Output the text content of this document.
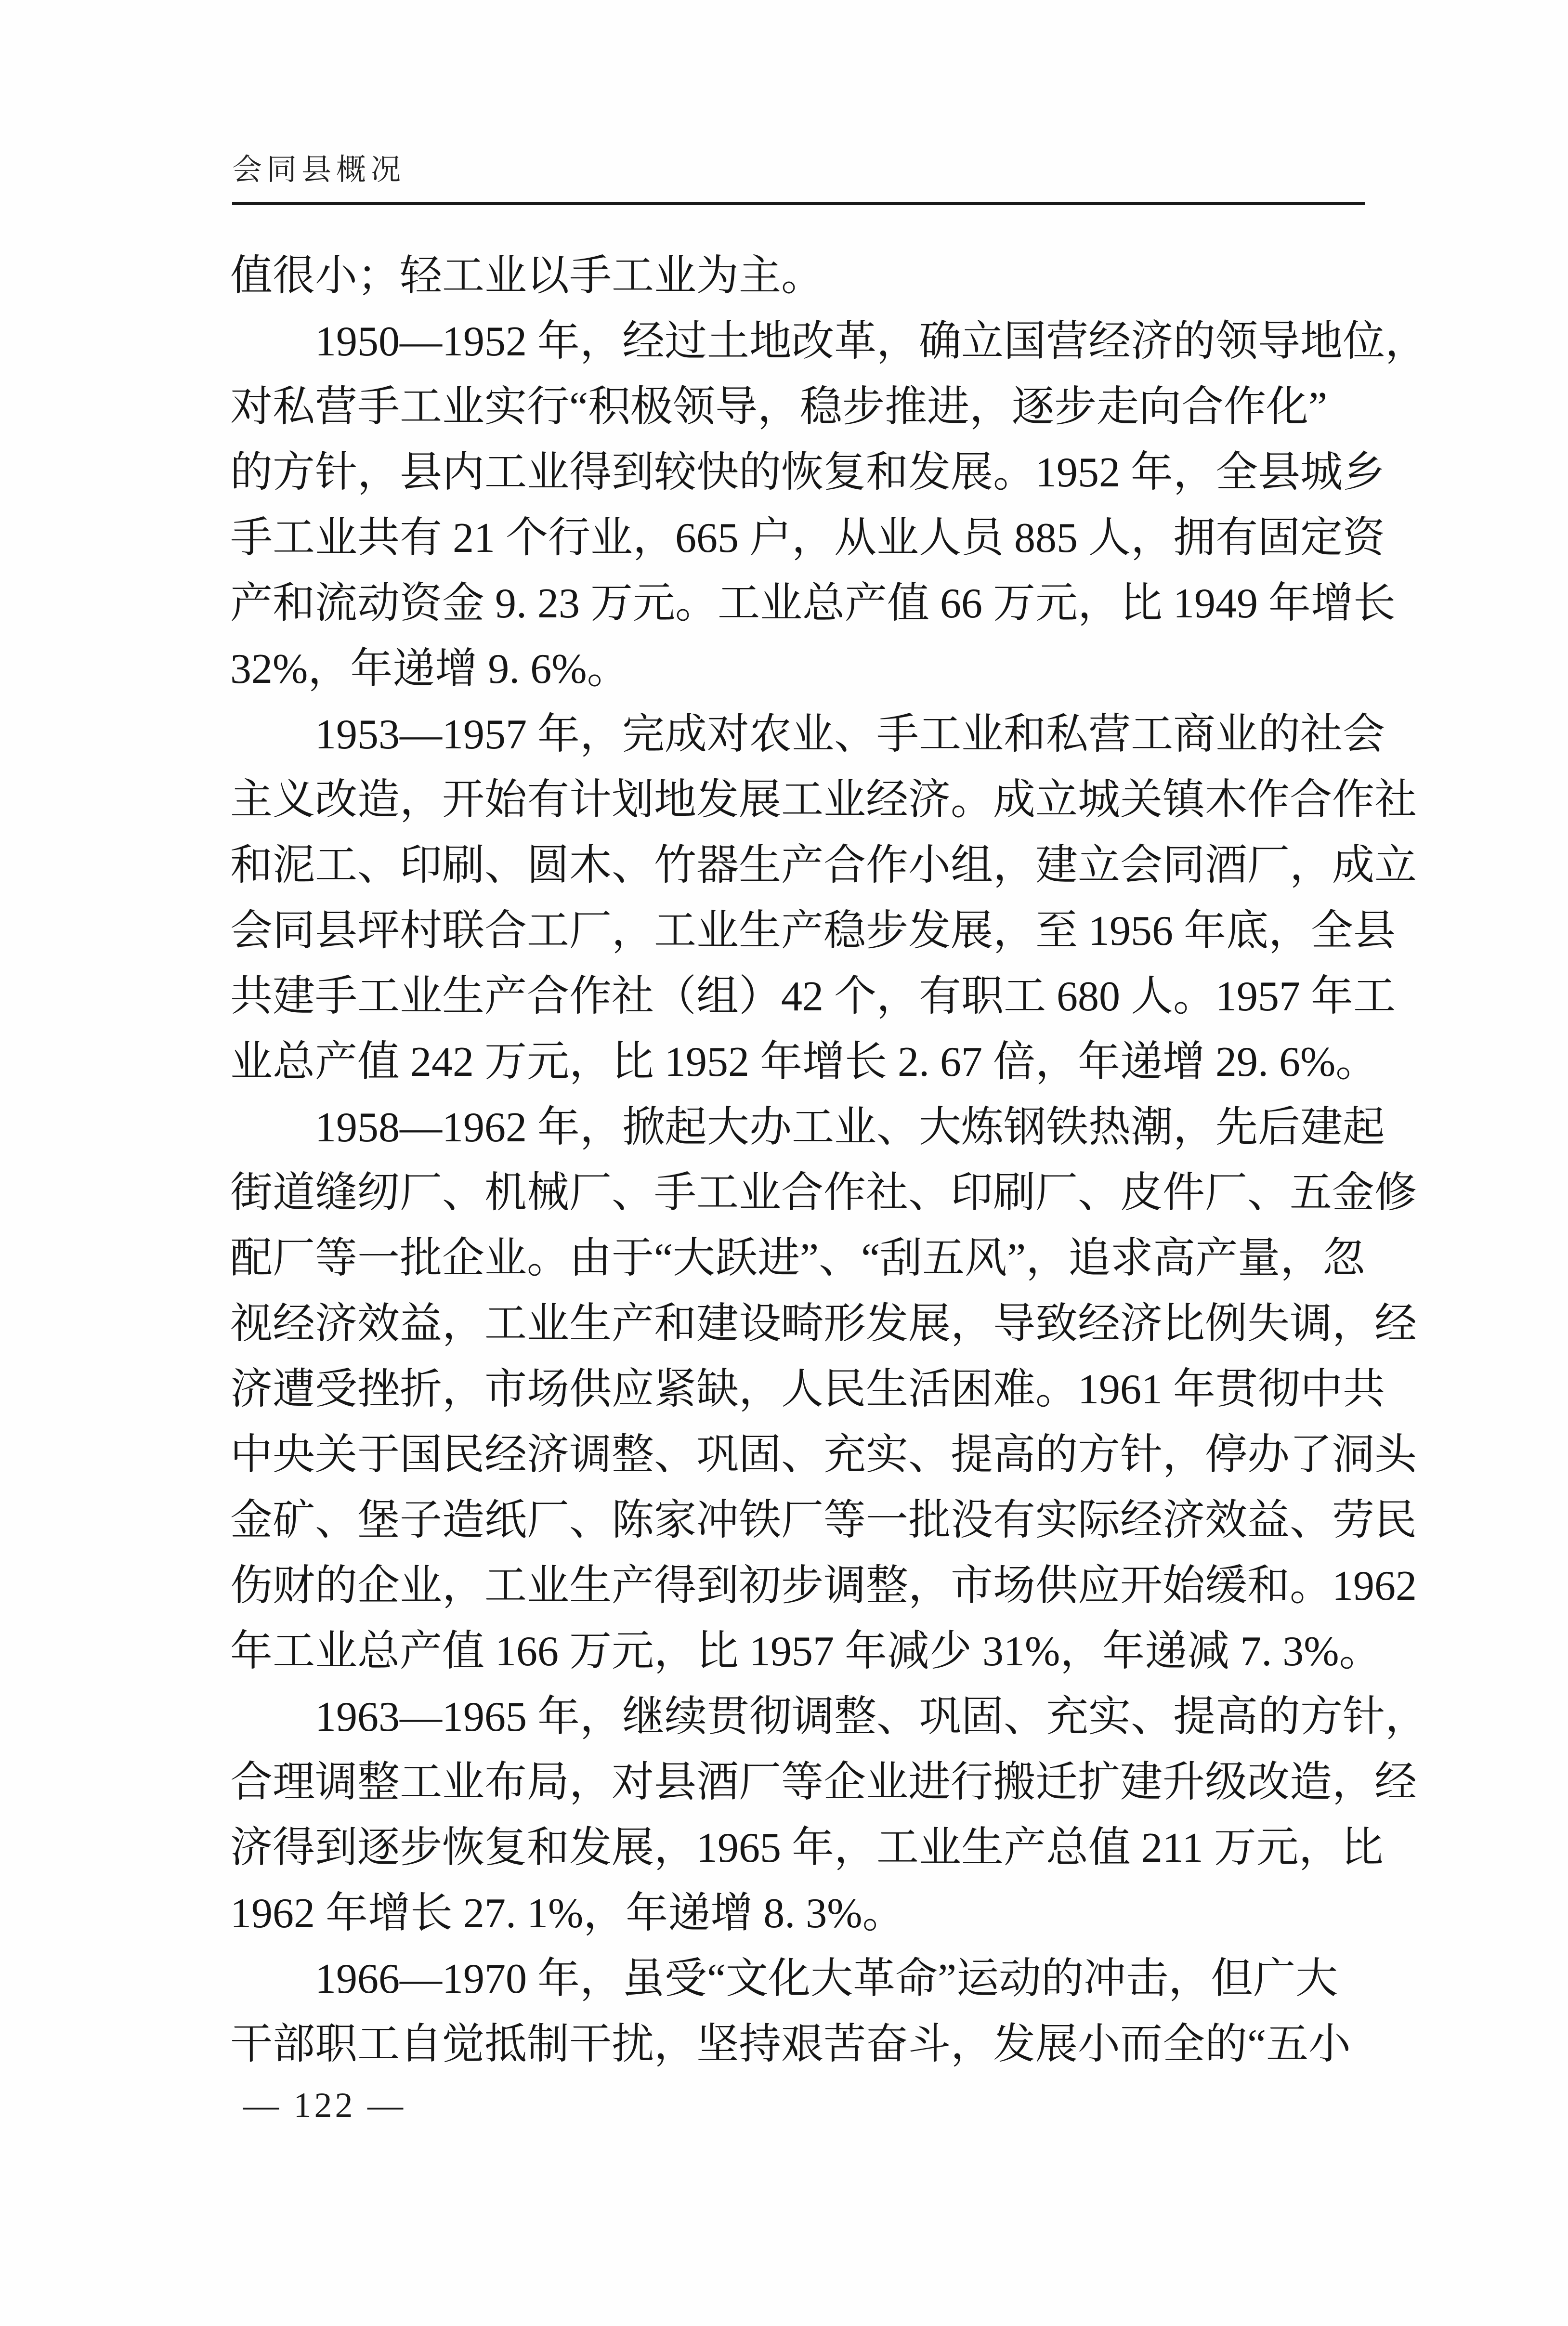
会同县概况
值很小；轻工业以手工业为主。
　　1950—1952 年，经过土地改革，确立国营经济的领导地位，
对私营手工业实行“积极领导，稳步推进，逐步走向合作化”
的方针，县内工业得到较快的恢复和发展。1952 年，全县城乡
手工业共有 21 个行业，665 户，从业人员 885 人，拥有固定资
产和流动资金 9. 23 万元。工业总产值 66 万元，比 1949 年增长
32%，年递增 9. 6%。
　　1953—1957 年，完成对农业、手工业和私营工商业的社会
主义改造，开始有计划地发展工业经济。成立城关镇木作合作社
和泥工、印刷、圆木、竹器生产合作小组，建立会同酒厂，成立
会同县坪村联合工厂，工业生产稳步发展，至 1956 年底，全县
共建手工业生产合作社（组）42 个，有职工 680 人。1957 年工
业总产值 242 万元，比 1952 年增长 2. 67 倍，年递增 29. 6%。
　　1958—1962 年，掀起大办工业、大炼钢铁热潮，先后建起
街道缝纫厂、机械厂、手工业合作社、印刷厂、皮件厂、五金修
配厂等一批企业。由于“大跃进”、“刮五风”，追求高产量，忽
视经济效益，工业生产和建设畸形发展，导致经济比例失调，经
济遭受挫折，市场供应紧缺，人民生活困难。1961 年贯彻中共
中央关于国民经济调整、巩固、充实、提高的方针，停办了洞头
金矿、堡子造纸厂、陈家冲铁厂等一批没有实际经济效益、劳民
伤财的企业，工业生产得到初步调整，市场供应开始缓和。1962
年工业总产值 166 万元，比 1957 年减少 31%，年递减 7. 3%。
　　1963—1965 年，继续贯彻调整、巩固、充实、提高的方针，
合理调整工业布局，对县酒厂等企业进行搬迁扩建升级改造，经
济得到逐步恢复和发展，1965 年，工业生产总值 211 万元，比
1962 年增长 27. 1%，年递增 8. 3%。
　　1966—1970 年，虽受“文化大革命”运动的冲击，但广大
干部职工自觉抵制干扰，坚持艰苦奋斗，发展小而全的“五小
— 122 —
